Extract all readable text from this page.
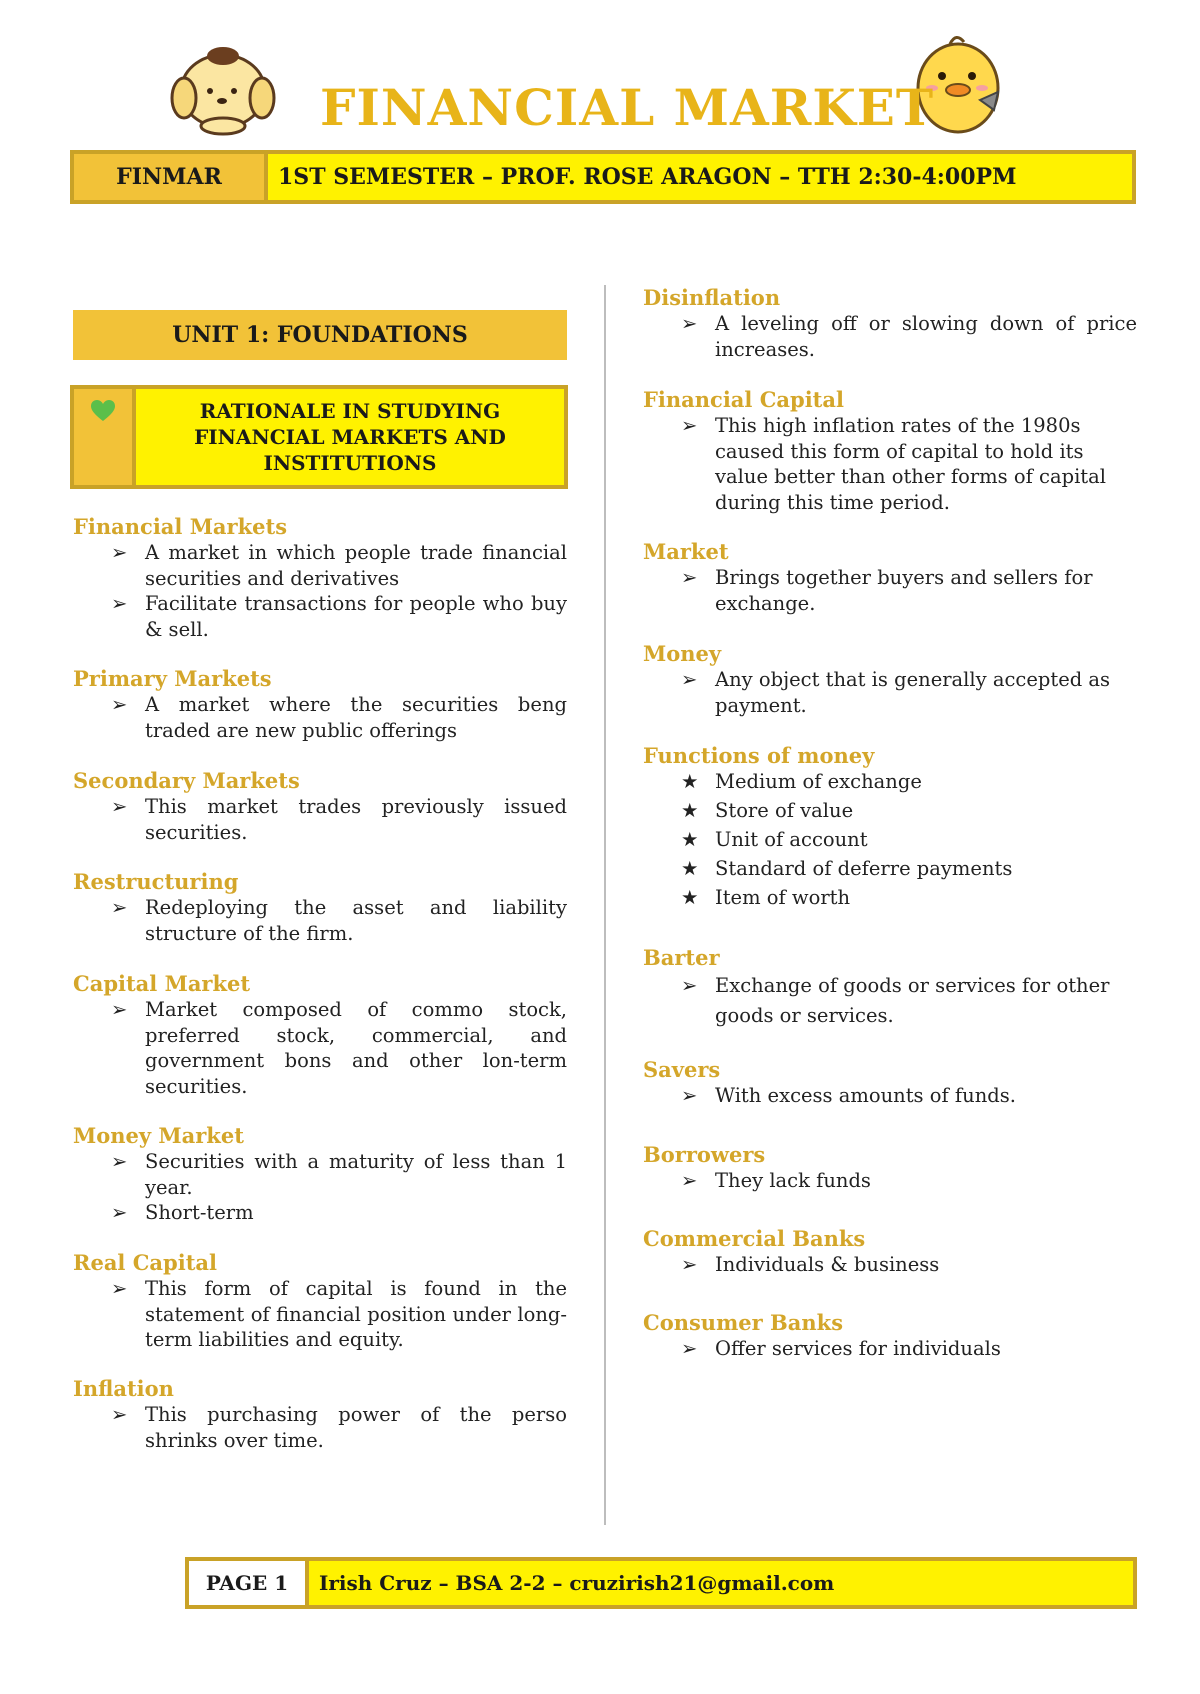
FINANCIAL MARKET
FINMAR	1ST SEMESTER – PROF. ROSE ARAGON – TTH 2:30-4:00PM
UNIT 1: FOUNDATIONS
RATIONALE IN STUDYING
FINANCIAL MARKETS AND
INSTITUTIONS
Financial Markets
➢ A market in which people trade financial securities and derivatives
➢ Facilitate transactions for people who buy & sell.
Primary Markets
➢ A market where the securities beng traded are new public offerings
Secondary Markets
➢ This market trades previously issued securities.
Restructuring
➢ Redeploying the asset and liability structure of the firm.
Capital Market
➢ Market composed of commo stock, preferred stock, commercial, and government bons and other lon-term securities.
Money Market
➢ Securities with a maturity of less than 1 year.
➢ Short-term
Real Capital
➢ This form of capital is found in the statement of financial position under long-term liabilities and equity.
Inflation
➢ This purchasing power of the perso shrinks over time.
Disinflation
➢ A leveling off or slowing down of price increases.
Financial Capital
➢ This high inflation rates of the 1980s caused this form of capital to hold its value better than other forms of capital during this time period.
Market
➢ Brings together buyers and sellers for exchange.
Money
➢ Any object that is generally accepted as payment.
Functions of money
★ Medium of exchange
★ Store of value
★ Unit of account
★ Standard of deferre payments
★ Item of worth
Barter
➢ Exchange of goods or services for other goods or services.
Savers
➢ With excess amounts of funds.
Borrowers
➢ They lack funds
Commercial Banks
➢ Individuals & business
Consumer Banks
➢ Offer services for individuals
PAGE 1	Irish Cruz – BSA 2-2 – cruzirish21@gmail.com
